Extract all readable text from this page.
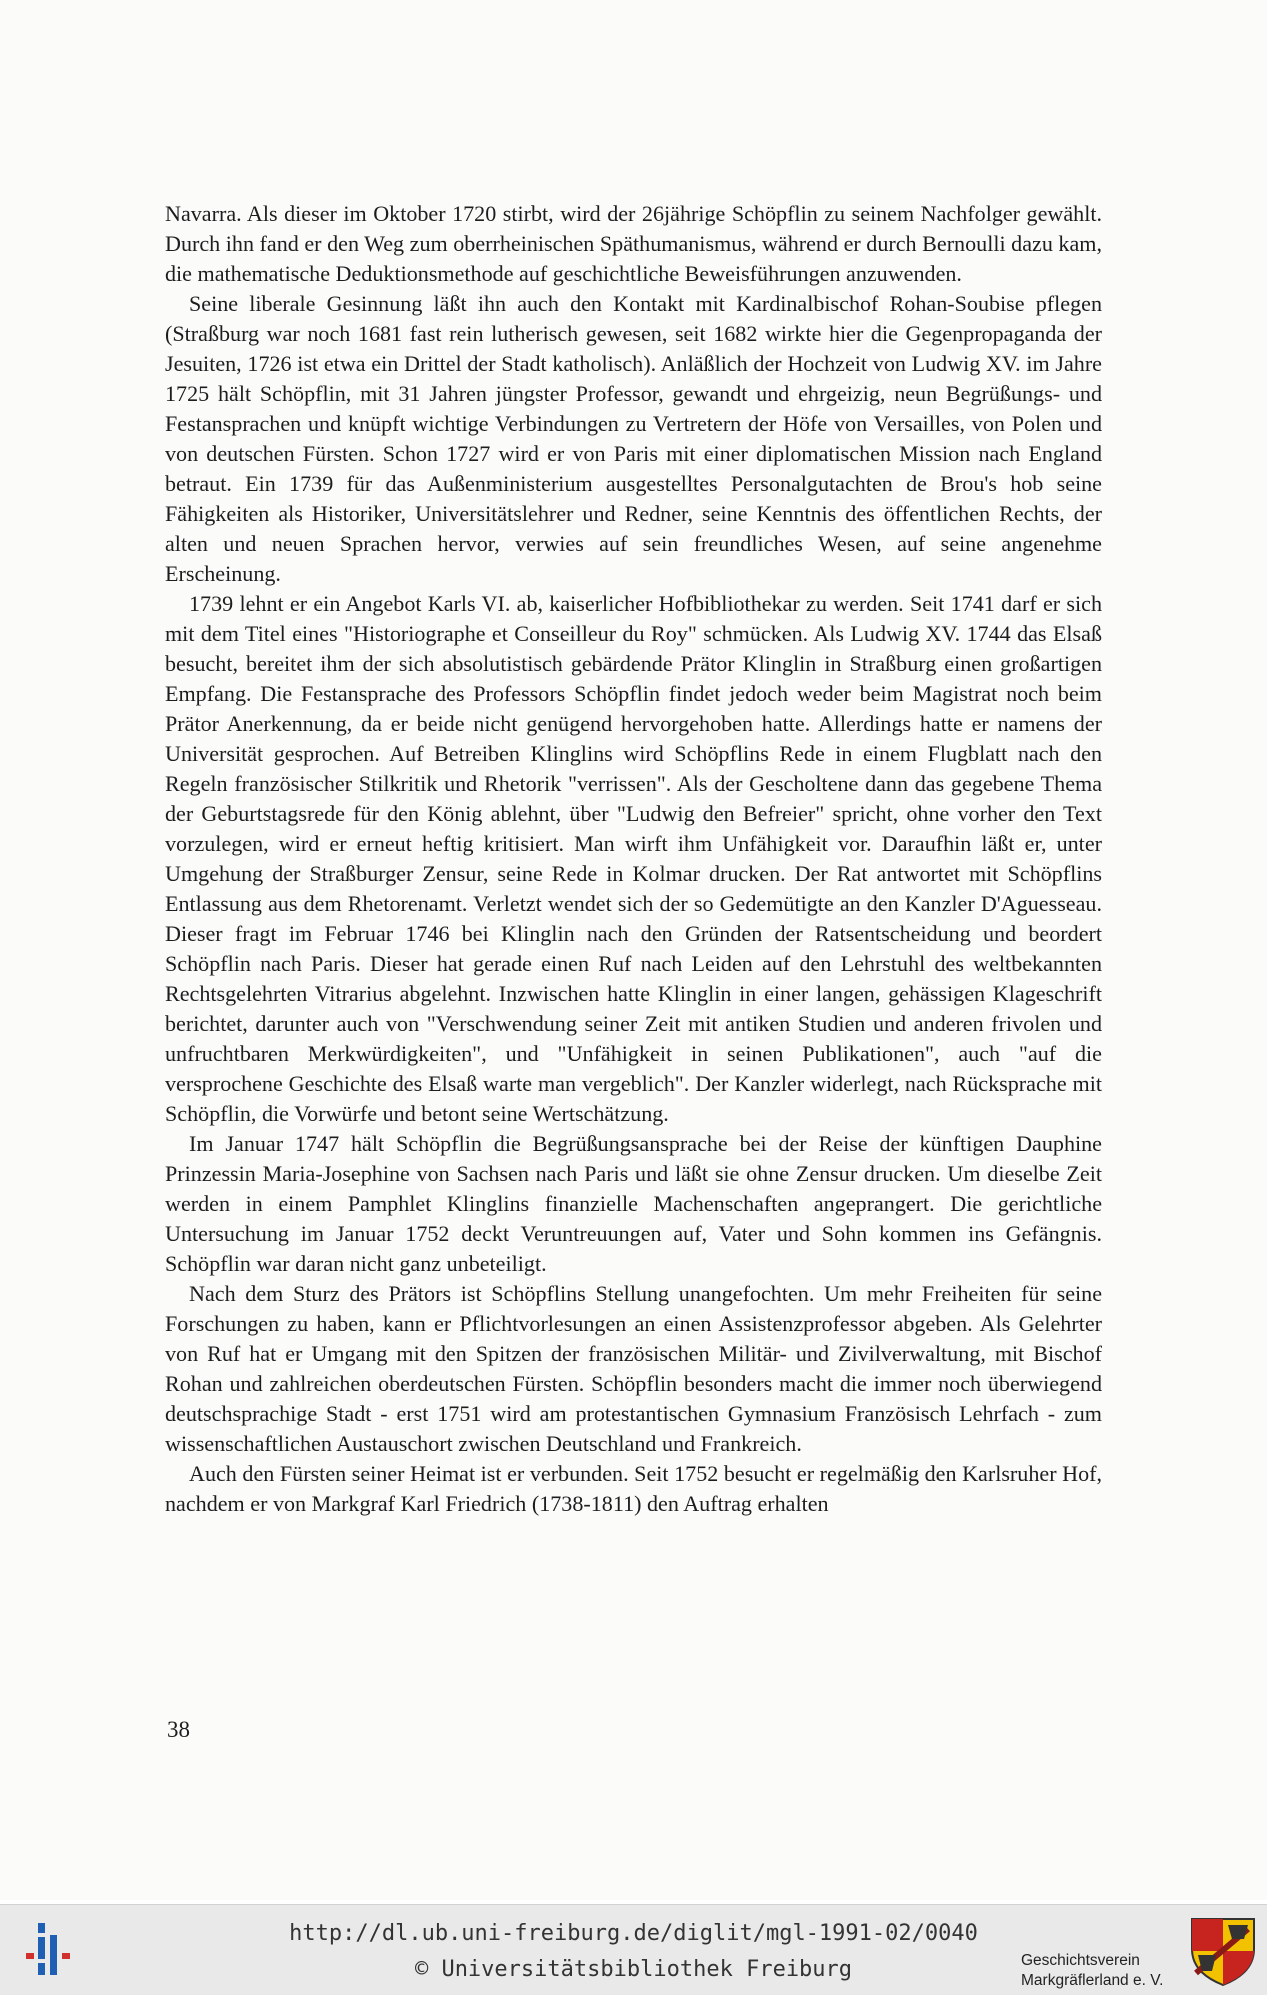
Navarra. Als dieser im Oktober 1720 stirbt, wird der 26jährige Schöpflin zu seinem Nachfolger gewählt. Durch ihn fand er den Weg zum oberrheinischen Späthumanismus, während er durch Bernoulli dazu kam, die mathematische Deduktionsmethode auf geschichtliche Beweisführungen anzuwenden.

Seine liberale Gesinnung läßt ihn auch den Kontakt mit Kardinalbischof Rohan-Soubise pflegen (Straßburg war noch 1681 fast rein lutherisch gewesen, seit 1682 wirkte hier die Gegenpropaganda der Jesuiten, 1726 ist etwa ein Drittel der Stadt katholisch). Anläßlich der Hochzeit von Ludwig XV. im Jahre 1725 hält Schöpflin, mit 31 Jahren jüngster Professor, gewandt und ehrgeizig, neun Begrüßungs- und Festansprachen und knüpft wichtige Verbindungen zu Vertretern der Höfe von Versailles, von Polen und von deutschen Fürsten. Schon 1727 wird er von Paris mit einer diplomatischen Mission nach England betraut. Ein 1739 für das Außenministerium ausgestelltes Personalgutachten de Brou's hob seine Fähigkeiten als Historiker, Universitätslehrer und Redner, seine Kenntnis des öffentlichen Rechts, der alten und neuen Sprachen hervor, verwies auf sein freundliches Wesen, auf seine angenehme Erscheinung.

1739 lehnt er ein Angebot Karls VI. ab, kaiserlicher Hofbibliothekar zu werden. Seit 1741 darf er sich mit dem Titel eines "Historiographe et Conseilleur du Roy" schmücken. Als Ludwig XV. 1744 das Elsaß besucht, bereitet ihm der sich absolutistisch gebärdende Prätor Klinglin in Straßburg einen großartigen Empfang. Die Festansprache des Professors Schöpflin findet jedoch weder beim Magistrat noch beim Prätor Anerkennung, da er beide nicht genügend hervorgehoben hatte. Allerdings hatte er namens der Universität gesprochen. Auf Betreiben Klinglins wird Schöpflins Rede in einem Flugblatt nach den Regeln französischer Stilkritik und Rhetorik "verrissen". Als der Gescholtene dann das gegebene Thema der Geburtstagsrede für den König ablehnt, über "Ludwig den Befreier" spricht, ohne vorher den Text vorzulegen, wird er erneut heftig kritisiert. Man wirft ihm Unfähigkeit vor. Daraufhin läßt er, unter Umgehung der Straßburger Zensur, seine Rede in Kolmar drucken. Der Rat antwortet mit Schöpflins Entlassung aus dem Rhetorenamt. Verletzt wendet sich der so Gedemütigte an den Kanzler D'Aguesseau. Dieser fragt im Februar 1746 bei Klinglin nach den Gründen der Ratsentscheidung und beordert Schöpflin nach Paris. Dieser hat gerade einen Ruf nach Leiden auf den Lehrstuhl des weltbekannten Rechtsgelehrten Vitrarius abgelehnt. Inzwischen hatte Klinglin in einer langen, gehässigen Klageschrift berichtet, darunter auch von "Verschwendung seiner Zeit mit antiken Studien und anderen frivolen und unfruchtbaren Merkwürdigkeiten", und "Unfähigkeit in seinen Publikationen", auch "auf die versprochene Geschichte des Elsaß warte man vergeblich". Der Kanzler widerlegt, nach Rücksprache mit Schöpflin, die Vorwürfe und betont seine Wertschätzung.

Im Januar 1747 hält Schöpflin die Begrüßungsansprache bei der Reise der künftigen Dauphine Prinzessin Maria-Josephine von Sachsen nach Paris und läßt sie ohne Zensur drucken. Um dieselbe Zeit werden in einem Pamphlet Klinglins finanzielle Machenschaften angeprangert. Die gerichtliche Untersuchung im Januar 1752 deckt Veruntreuungen auf, Vater und Sohn kommen ins Gefängnis. Schöpflin war daran nicht ganz unbeteiligt.

Nach dem Sturz des Prätors ist Schöpflins Stellung unangefochten. Um mehr Freiheiten für seine Forschungen zu haben, kann er Pflichtvorlesungen an einen Assistenzprofessor abgeben. Als Gelehrter von Ruf hat er Umgang mit den Spitzen der französischen Militär- und Zivilverwaltung, mit Bischof Rohan und zahlreichen oberdeutschen Fürsten. Schöpflin besonders macht die immer noch überwiegend deutschsprachige Stadt - erst 1751 wird am protestantischen Gymnasium Französisch Lehrfach - zum wissenschaftlichen Austauschort zwischen Deutschland und Frankreich.

Auch den Fürsten seiner Heimat ist er verbunden. Seit 1752 besucht er regelmäßig den Karlsruher Hof, nachdem er von Markgraf Karl Friedrich (1738-1811) den Auftrag erhalten

38
http://dl.ub.uni-freiburg.de/diglit/mgl-1991-02/0040
© Universitätsbibliothek Freiburg	Geschichtsverein
Markgräflerland e. V.
